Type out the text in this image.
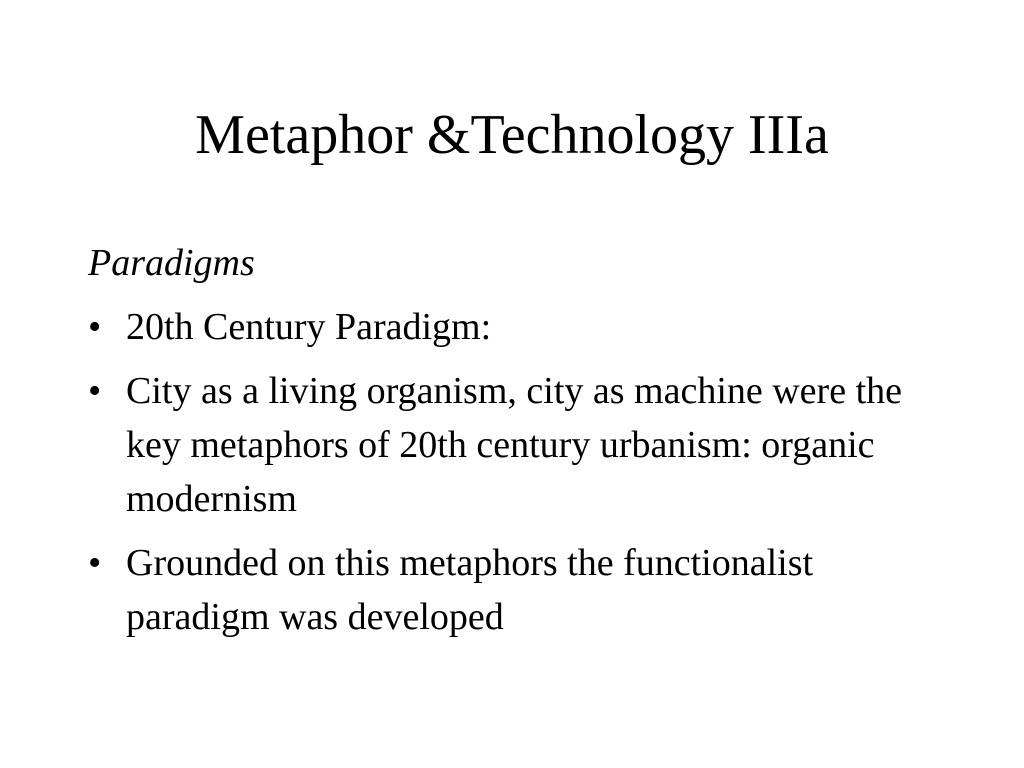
Metaphor &Technology IIIa
Paradigms
• 20th Century Paradigm:
• City as a living organism, city as machine were the key metaphors of 20th century urbanism: organic modernism
• Grounded on this metaphors the functionalist paradigm was developed
